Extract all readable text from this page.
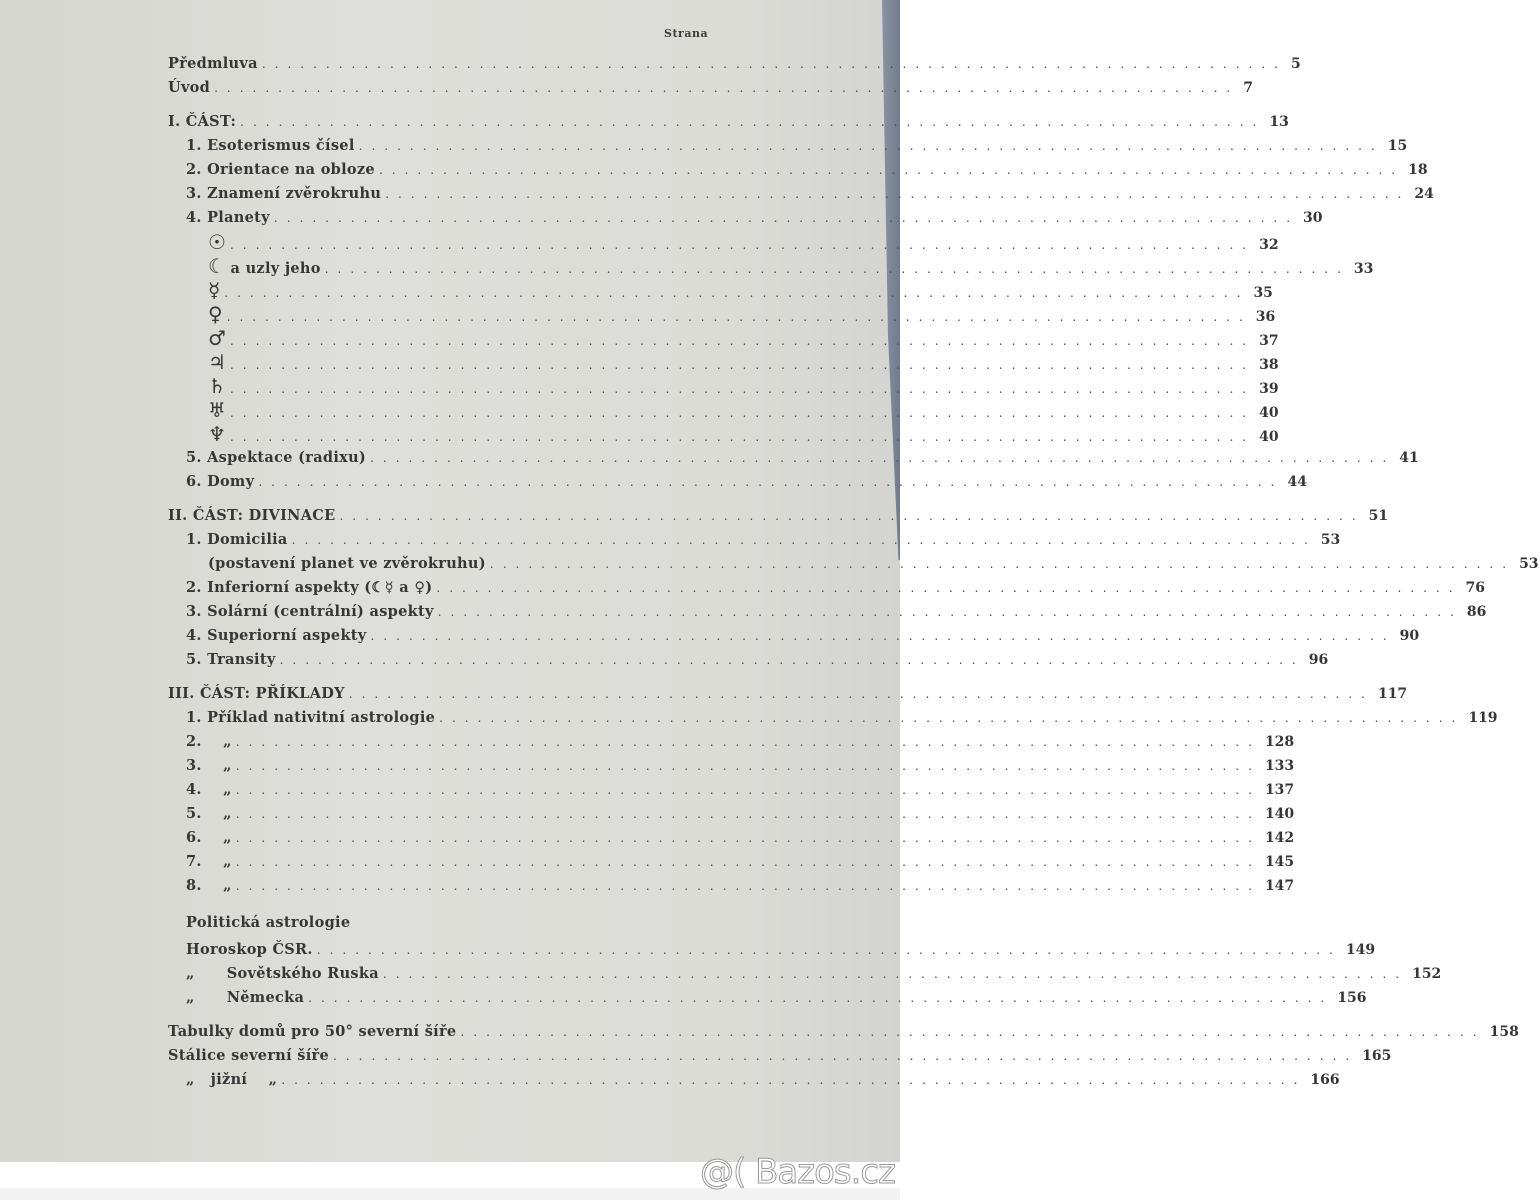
Strana
Předmluva ................................................................................ 5
Úvod ................................................................................ 7
I. ČÁST: ................................................................................ 13
1. Esoterismus čísel ................................................................................ 15
2. Orientace na obloze ................................................................................ 18
3. Znamení zvěrokruhu ................................................................................ 24
4. Planety ................................................................................ 30
☉ ................................................................................ 32
☾
a uzly jeho ................................................................................ 33
☿ ................................................................................ 35
♀ ................................................................................ 36
♂ ................................................................................ 37
♃ ................................................................................ 38
♄ ................................................................................ 39
♅ ................................................................................ 40
♆ ................................................................................ 40
5. Aspektace (radixu) ................................................................................ 41
6. Domy ................................................................................ 44
II. ČÁST: DIVINACE ................................................................................ 51
1. Domicilia ................................................................................ 53
(postavení planet ve zvěrokruhu) ................................................................................ 53
2. Inferiorní aspekty (☾☿ a ♀) ................................................................................ 76
3. Solární (centrální) aspekty ................................................................................ 86
4. Superiorní aspekty ................................................................................ 90
5. Transity ................................................................................ 96
III. ČÁST: PŘÍKLADY ................................................................................ 117
1. Příklad nativitní astrologie ................................................................................ 119
2.    „ ................................................................................ 128
3.    „ ................................................................................ 133
4.    „ ................................................................................ 137
5.    „ ................................................................................ 140
6.    „ ................................................................................ 142
7.    „ ................................................................................ 145
8.    „ ................................................................................ 147
Politická astrologie
Horoskop ČSR. ................................................................................ 149
„      Sovětského Ruska ................................................................................ 152
„      Německa ................................................................................ 156
Tabulky domů pro 50° severní šíře ................................................................................ 158
Stálice severní šíře ................................................................................ 165
„   jižní    „ ................................................................................ 166
@( Bazos.cz
